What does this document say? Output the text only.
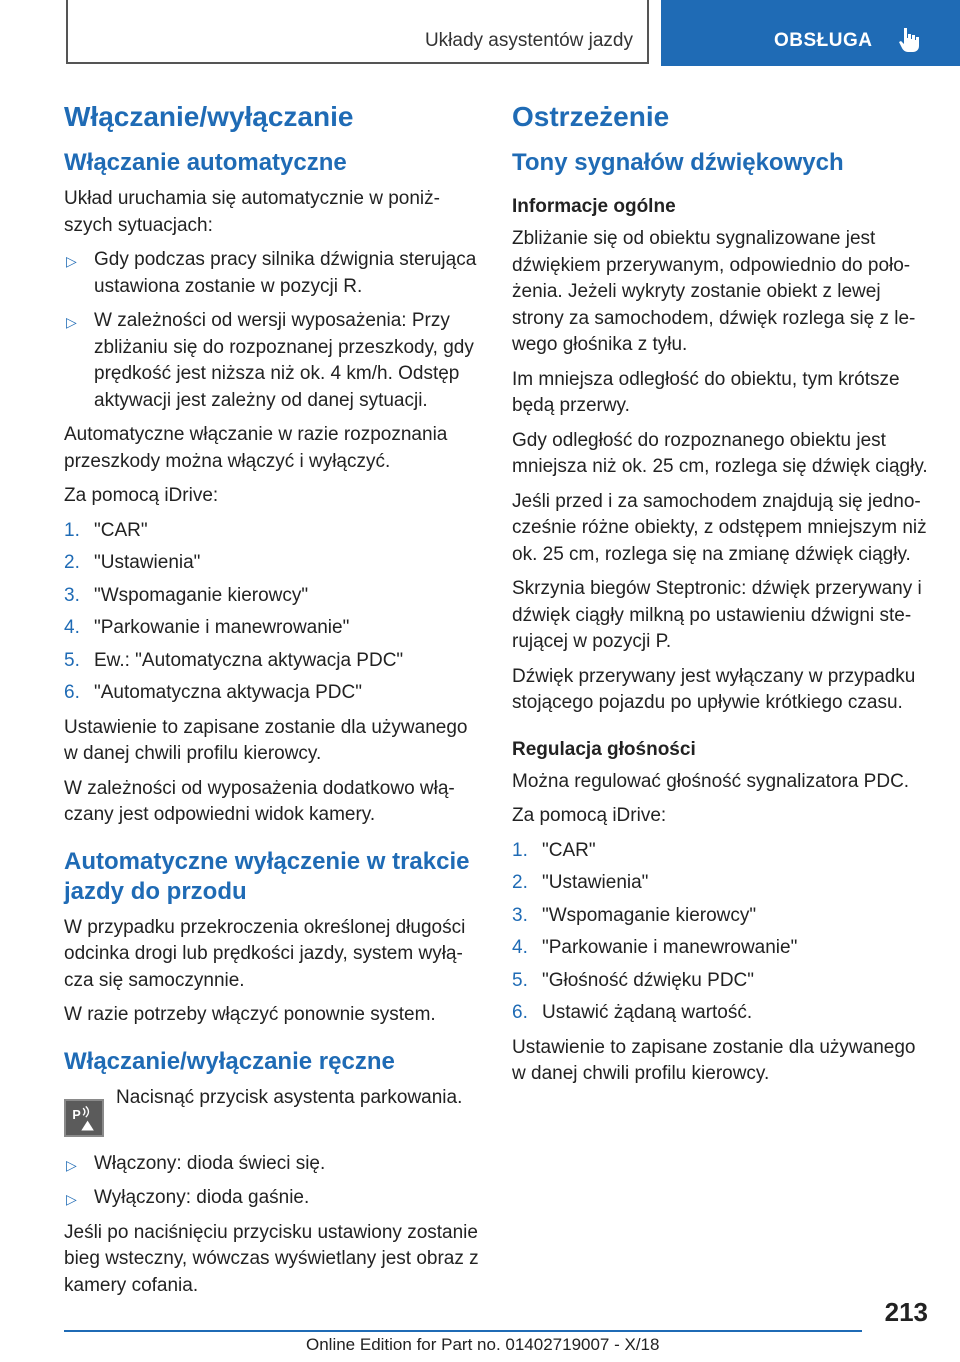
Układy asystentów jazdy	OBSŁUGA
Włączanie/wyłączanie
Włączanie automatyczne

Układ uruchamia się automatycznie w poniż- szych sytuacjach:

▷ Gdy podczas pracy silnika dźwignia sterująca ustawiona zostanie w pozycji R.
▷ W zależności od wersji wyposażenia: Przy zbliżaniu się do rozpoznanej przeszkody, gdy prędkość jest niższa niż ok. 4 km/h. Odstęp aktywacji jest zależny od danej sytuacji.

Automatyczne włączanie w razie rozpoznania przeszkody można włączyć i wyłączyć.

Za pomocą iDrive:

1. "CAR"
2. "Ustawienia"
3. "Wspomaganie kierowcy"
4. "Parkowanie i manewrowanie"
5. Ew.: "Automatyczna aktywacja PDC"
6. "Automatyczna aktywacja PDC"

Ustawienie to zapisane zostanie dla używanego w danej chwili profilu kierowcy.

W zależności od wyposażenia dodatkowo włą- czany jest odpowiedni widok kamery.

Automatyczne wyłączenie w trakcie jazdy do przodu

W przypadku przekroczenia określonej długości odcinka drogi lub prędkości jazdy, system wyłą- cza się samoczynnie.

W razie potrzeby włączyć ponownie system.

Włączanie/wyłączanie ręczne
P

Nacisnąć przycisk asystenta parkowania.

▷ Włączony: dioda świeci się.
▷ Wyłączony: dioda gaśnie.

Jeśli po naciśnięciu przycisku ustawiony zostanie bieg wsteczny, wówczas wyświetlany jest obraz z kamery cofania.

Ostrzeżenie
Tony sygnałów dźwiękowych
Informacje ogólne

Zbliżanie się od obiektu sygnalizowane jest dźwiękiem przerywanym, odpowiednio do poło- żenia. Jeżeli wykryty zostanie obiekt z lewej strony za samochodem, dźwięk rozlega się z le- wego głośnika z tyłu.

Im mniejsza odległość do obiektu, tym krótsze będą przerwy.

Gdy odległość do rozpoznanego obiektu jest mniejsza niż ok. 25 cm, rozlega się dźwięk ciągły.

Jeśli przed i za samochodem znajdują się jedno- cześnie różne obiekty, z odstępem mniejszym niż ok. 25 cm, rozlega się na zmianę dźwięk ciągły.

Skrzynia biegów Steptronic: dźwięk przerywany i dźwięk ciągły milkną po ustawieniu dźwigni ste- rującej w pozycji P.

Dźwięk przerywany jest wyłączany w przypadku stojącego pojazdu po upływie krótkiego czasu.

Regulacja głośności

Można regulować głośność sygnalizatora PDC.

Za pomocą iDrive:

1. "CAR"
2. "Ustawienia"
3. "Wspomaganie kierowcy"
4. "Parkowanie i manewrowanie"
5. "Głośność dźwięku PDC"
6. Ustawić żądaną wartość.

Ustawienie to zapisane zostanie dla używanego w danej chwili profilu kierowcy.

213
Online Edition for Part no. 01402719007 - X/18
